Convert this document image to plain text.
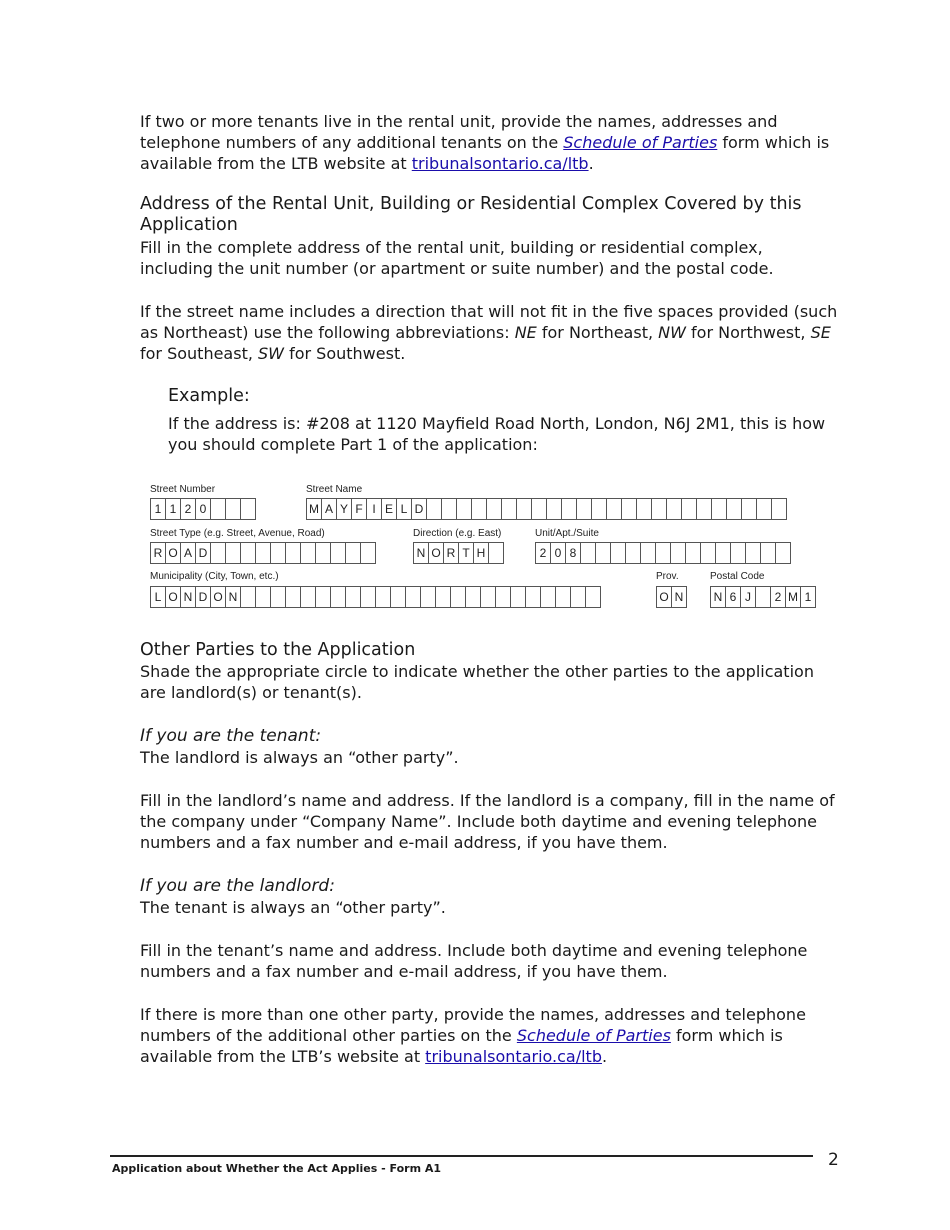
If two or more tenants live in the rental unit, provide the names, addresses and telephone numbers of any additional tenants on the Schedule of Parties form which is available from the LTB website at tribunalsontario.ca/ltb.
Address of the Rental Unit, Building or Residential Complex Covered by this Application
Fill in the complete address of the rental unit, building or residential complex, including the unit number (or apartment or suite number) and the postal code.
If the street name includes a direction that will not fit in the five spaces provided (such as Northeast) use the following abbreviations: NE for Northeast, NW for Northwest, SE for Southeast, SW for Southwest.
Example:
If the address is: #208 at 1120 Mayfield Road North, London, N6J 2M1, this is how you should complete Part 1 of the application:
Street Number
1 1 2 0
Street Name
M A Y F I E L D
Street Type (e.g. Street, Avenue, Road)
R O A D
Direction (e.g. East)
N O R T H
Unit/Apt./Suite
2 0 8
Municipality (City, Town, etc.)
L O N D O N
Prov.
O N
Postal Code
N 6 J	2 M 1
Other Parties to the Application
Shade the appropriate circle to indicate whether the other parties to the application are landlord(s) or tenant(s).
If you are the tenant:
The landlord is always an “other party”.
Fill in the landlord’s name and address. If the landlord is a company, fill in the name of the company under “Company Name”. Include both daytime and evening telephone numbers and a fax number and e-mail address, if you have them.
If you are the landlord:
The tenant is always an “other party”.
Fill in the tenant’s name and address. Include both daytime and evening telephone numbers and a fax number and e-mail address, if you have them.
If there is more than one other party, provide the names, addresses and telephone numbers of the additional other parties on the Schedule of Parties form which is available from the LTB’s website at tribunalsontario.ca/ltb.
Application about Whether the Act Applies - Form A1	2
